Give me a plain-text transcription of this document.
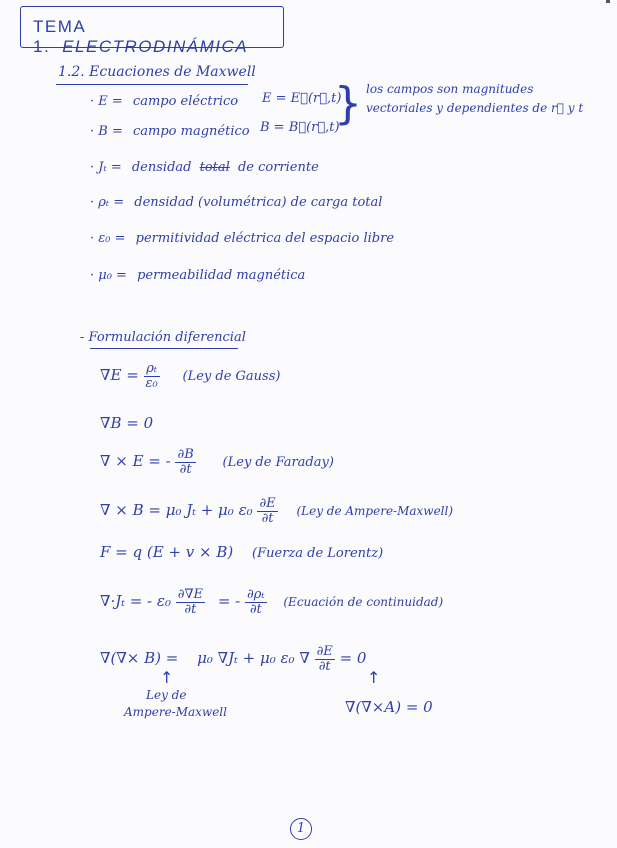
TEMA 1. ELECTRODINÁMICA
1.2. Ecuaciones de Maxwell
· E = campo eléctrico E = E⃗(r⃗,t)
· B = campo magnético B = B⃗(r⃗,t)
} los campos son magnitudes
vectoriales y dependientes de r⃗ y t
· Jₜ = densidad total de corriente
· ρₜ = densidad (volumétrica) de carga total
· ε₀ = permitividad eléctrica del espacio libre
· μ₀ = permeabilidad magnética
- Formulación diferencial
$\nabla E = \frac{\text{ρₜ}}{\text{ε₀}} (Ley$ de Gauss)
∇B = 0
∇ × E = - $\frac{\partial B}{\partial t} (Ley$ de Faraday)
∇ × B = μ₀ Jₜ + μ₀ $\varepsilon_0 \frac{\partial E}{\partial t} (Ley$ de Ampere-Maxwell)
F = q (E + v × B) (Fuerza de Lorentz)
∇·Jₜ = - $\varepsilon_0 \frac{\partial\nabla E}{\partial t}$ = - $\frac{\text{∂ρₜ}}{\partial t}$ (Ecuación de continuidad)
∇(∇× B) = μ₀ ∇Jₜ + μ₀ ε₀ ∇ $\frac{\partial E}{\partial t} = 0$
↑
Ley de
Ampere-Maxwell
↑
∇(∇×A) = 0
1
